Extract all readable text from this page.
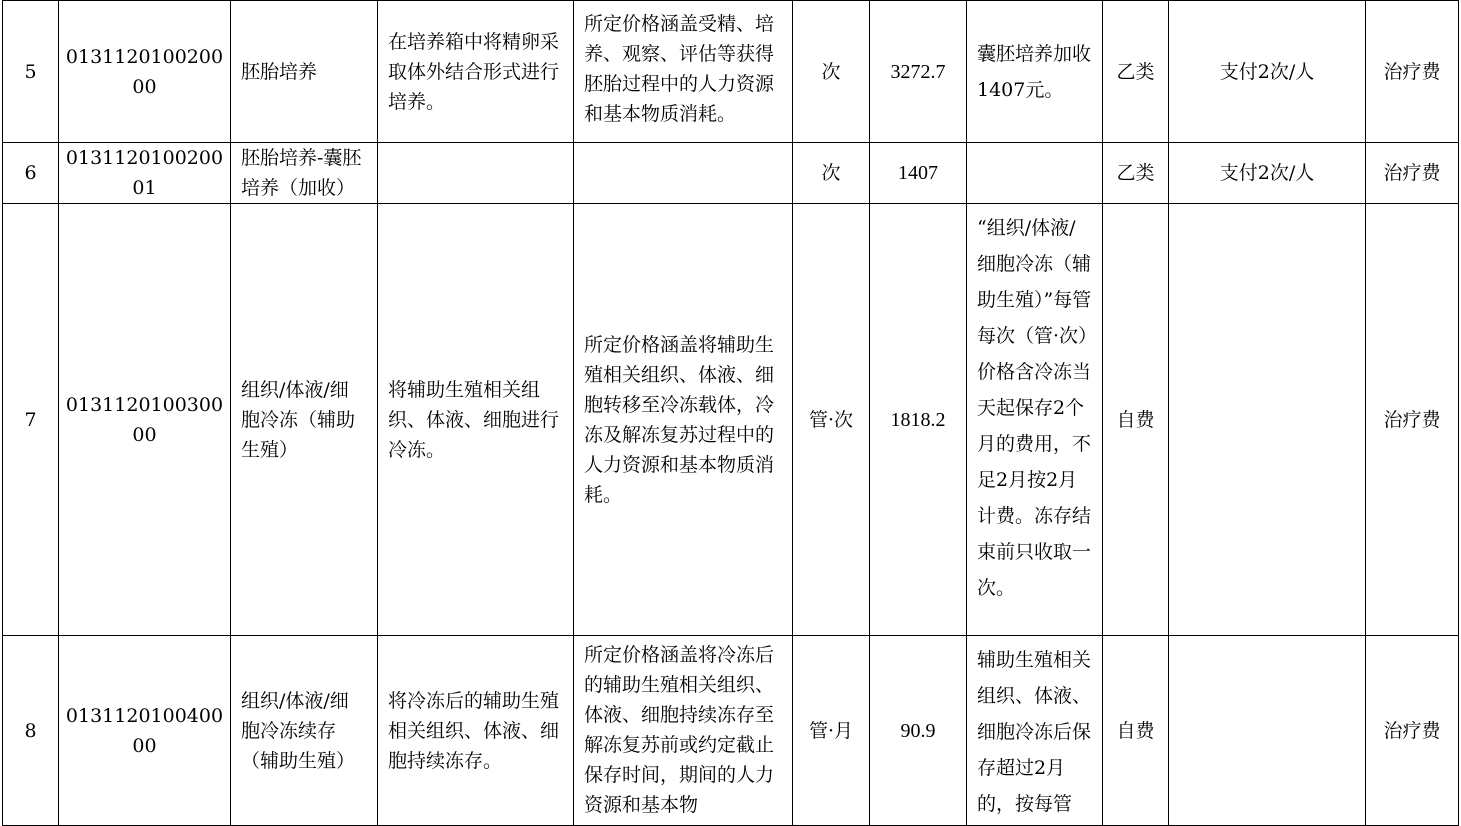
5	013112010020000	胚胎培养	在培养箱中将精卵采取体外结合形式进行培养。	所定价格涵盖受精、培养、观察、评估等获得胚胎过程中的人力资源和基本物质消耗。	次	3272.7	囊胚培养加收1407元。	乙类	支付2次/人	治疗费
6	013112010020001	胚胎培养-囊胚培养（加收）			次	1407		乙类	支付2次/人	治疗费
7	013112010030000	组织/体液/细胞冷冻（辅助生殖）	将辅助生殖相关组织、体液、细胞进行冷冻。	所定价格涵盖将辅助生殖相关组织、体液、细胞转移至冷冻载体，冷冻及解冻复苏过程中的人力资源和基本物质消耗。	管·次	1818.2	“组织/体液/细胞冷冻（辅助生殖）”每管每次（管·次）价格含冷冻当天起保存2个月的费用，不足2月按2月计费。冻存结束前只收取一次。	自费		治疗费
8	013112010040000	组织/体液/细胞冷冻续存（辅助生殖）	将冷冻后的辅助生殖相关组织、体液、细胞持续冻存。	所定价格涵盖将冷冻后的辅助生殖相关组织、体液、细胞持续冻存至解冻复苏前或约定截止保存时间，期间的人力资源和基本物	管·月	90.9	辅助生殖相关组织、体液、细胞冷冻后保存超过2月的，按每管	自费		治疗费
